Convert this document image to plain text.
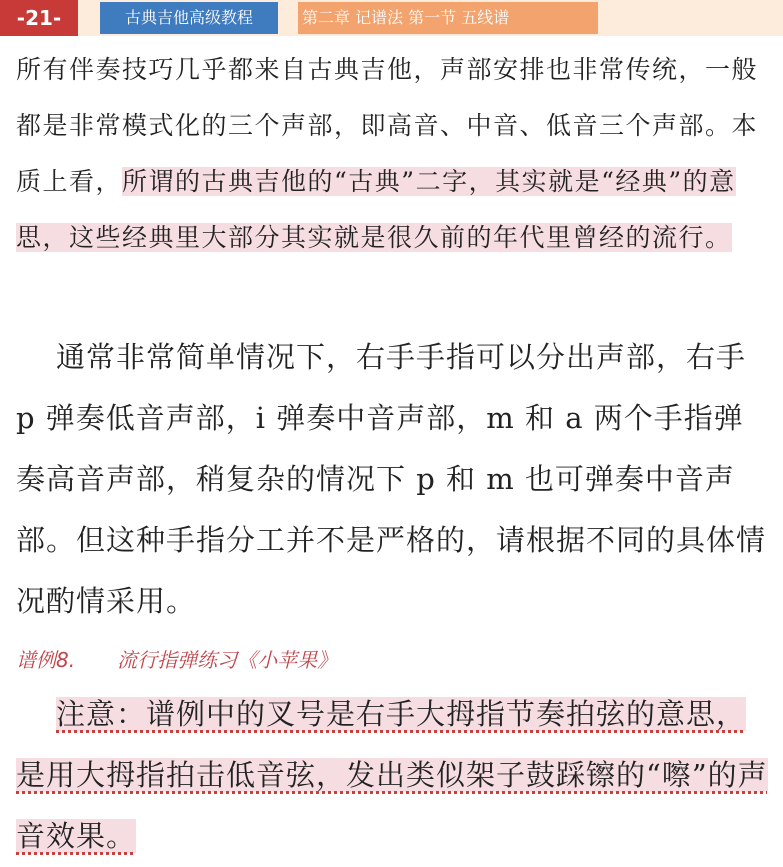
-21-	古典吉他高级教程	第二章 记谱法 第一节 五线谱

所有伴奏技巧几乎都来自古典吉他，声部安排也非常传统，一般都是非常模式化的三个声部，即高音、中音、低音三个声部。本质上看，所谓的古典吉他的“古典”二字，其实就是“经典”的意思，这些经典里大部分其实就是很久前的年代里曾经的流行。

通常非常简单情况下，右手手指可以分出声部，右手 p 弹奏低音声部，i 弹奏中音声部，m 和 a 两个手指弹奏高音声部，稍复杂的情况下 p 和 m 也可弹奏中音声部。但这种手指分工并不是严格的，请根据不同的具体情况酌情采用。

谱例8. 流行指弹练习《小苹果》

注意：谱例中的叉号是右手大拇指节奏拍弦的意思，是用大拇指拍击低音弦，发出类似架子鼓踩镲的“嚓”的声音效果。
